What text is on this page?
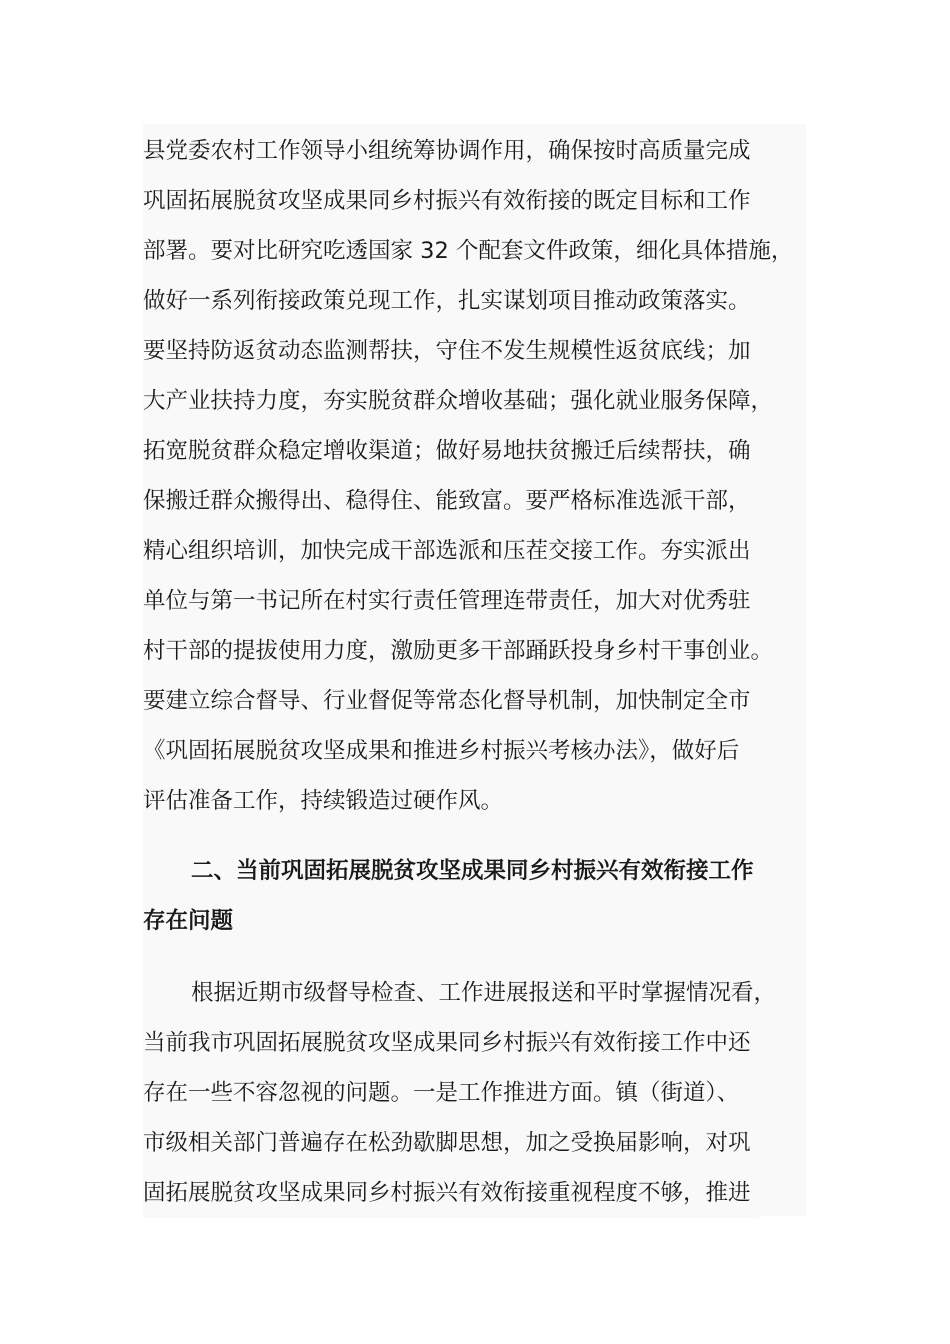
县党委农村工作领导小组统筹协调作用，确保按时高质量完成
巩固拓展脱贫攻坚成果同乡村振兴有效衔接的既定目标和工作
部署。要对比研究吃透国家 32 个配套文件政策，细化具体措施，
做好一系列衔接政策兑现工作，扎实谋划项目推动政策落实。
要坚持防返贫动态监测帮扶，守住不发生规模性返贫底线；加
大产业扶持力度，夯实脱贫群众增收基础；强化就业服务保障，
拓宽脱贫群众稳定增收渠道；做好易地扶贫搬迁后续帮扶，确
保搬迁群众搬得出、稳得住、能致富。要严格标准选派干部，
精心组织培训，加快完成干部选派和压茬交接工作。夯实派出
单位与第一书记所在村实行责任管理连带责任，加大对优秀驻
村干部的提拔使用力度，激励更多干部踊跃投身乡村干事创业。
要建立综合督导、行业督促等常态化督导机制，加快制定全市
《巩固拓展脱贫攻坚成果和推进乡村振兴考核办法》，做好后
评估准备工作，持续锻造过硬作风。
二、当前巩固拓展脱贫攻坚成果同乡村振兴有效衔接工作
存在问题
根据近期市级督导检查、工作进展报送和平时掌握情况看，
当前我市巩固拓展脱贫攻坚成果同乡村振兴有效衔接工作中还
存在一些不容忽视的问题。一是工作推进方面。镇（街道）、
市级相关部门普遍存在松劲歇脚思想，加之受换届影响，对巩
固拓展脱贫攻坚成果同乡村振兴有效衔接重视程度不够，推进
